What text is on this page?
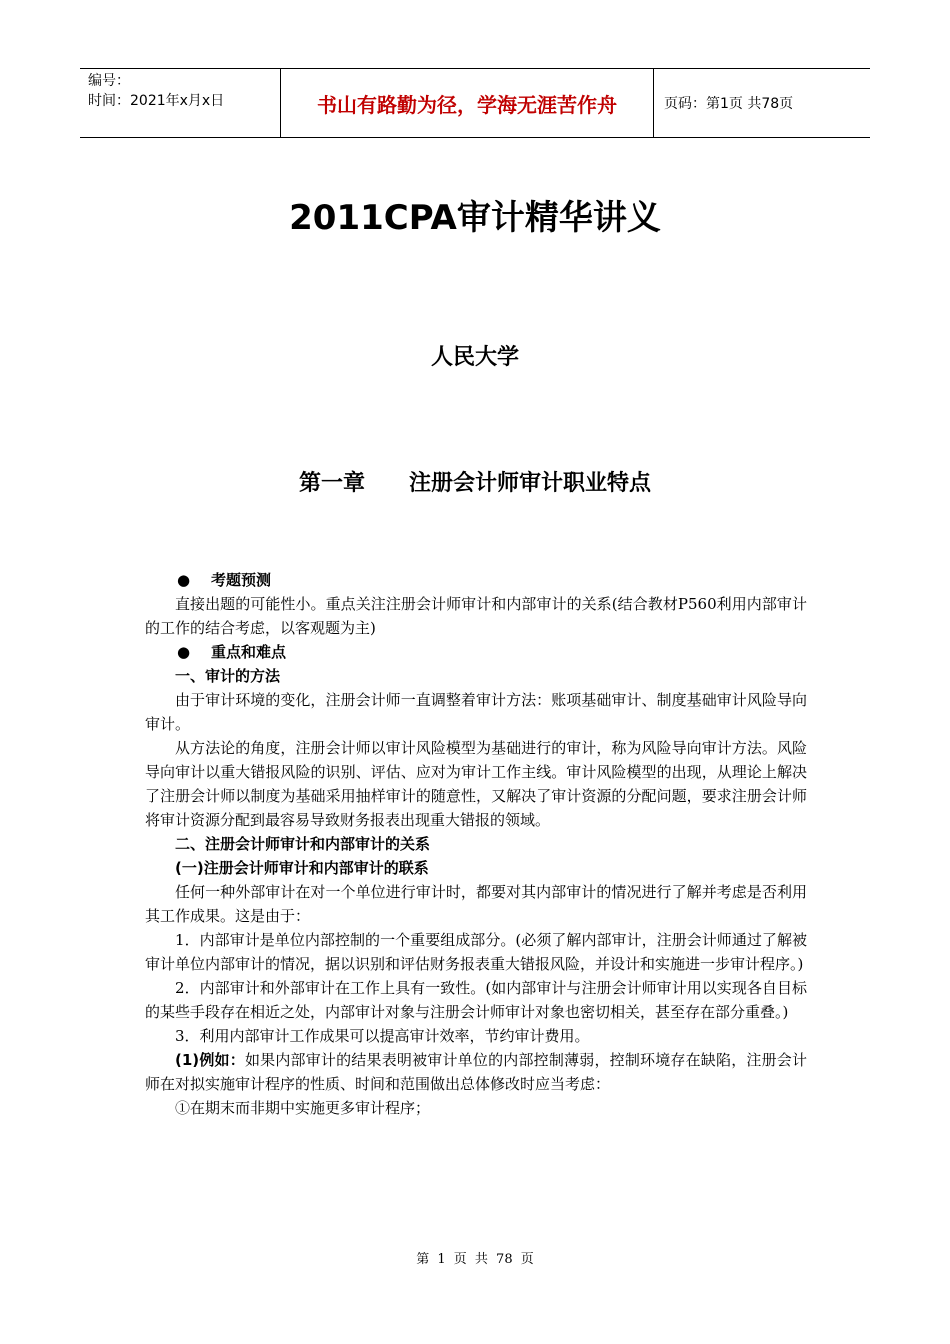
编号：
时间：2021年x月x日	书山有路勤为径，学海无涯苦作舟	页码：第1页 共78页
2011CPA审计精华讲义
人民大学
第一章 注册会计师审计职业特点

● 考题预测

直接出题的可能性小。重点关注注册会计师审计和内部审计的关系(结合教材P560利用内部审计的工作的结合考虑，以客观题为主)

● 重点和难点

一、审计的方法

由于审计环境的变化，注册会计师一直调整着审计方法：账项基础审计、制度基础审计风险导向审计。

从方法论的角度，注册会计师以审计风险模型为基础进行的审计，称为风险导向审计方法。风险导向审计以重大错报风险的识别、评估、应对为审计工作主线。审计风险模型的出现，从理论上解决了注册会计师以制度为基础采用抽样审计的随意性，又解决了审计资源的分配问题，要求注册会计师将审计资源分配到最容易导致财务报表出现重大错报的领域。

二、注册会计师审计和内部审计的关系

(一)注册会计师审计和内部审计的联系

任何一种外部审计在对一个单位进行审计时，都要对其内部审计的情况进行了解并考虑是否利用其工作成果。这是由于：

1．内部审计是单位内部控制的一个重要组成部分。(必须了解内部审计，注册会计师通过了解被审计单位内部审计的情况，据以识别和评估财务报表重大错报风险，并设计和实施进一步审计程序。)

2．内部审计和外部审计在工作上具有一致性。(如内部审计与注册会计师审计用以实现各自目标的某些手段存在相近之处，内部审计对象与注册会计师审计对象也密切相关，甚至存在部分重叠。)

3．利用内部审计工作成果可以提高审计效率，节约审计费用。

(1)例如：如果内部审计的结果表明被审计单位的内部控制薄弱，控制环境存在缺陷，注册会计师在对拟实施审计程序的性质、时间和范围做出总体修改时应当考虑：

①在期末而非期中实施更多审计程序；

第 1 页 共 78 页
